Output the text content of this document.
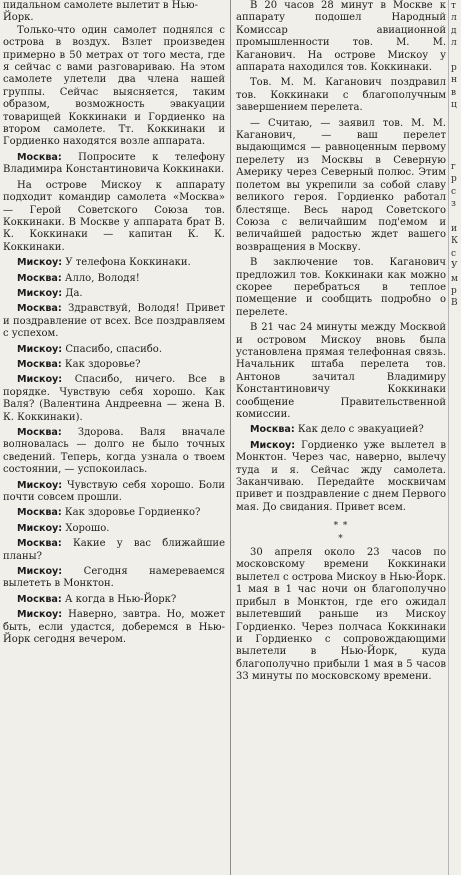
пидальном самолете вылетит в Нью-Йорк.

Только-что один самолет поднялся с острова в воздух. Взлет произведен примерно в 50 метрах от того места, где я сейчас с вами разговариваю. На этом самолете улетели два члена нашей группы. Сейчас выясняется, таким образом, возможность эвакуации товарищей Коккинаки и Гордиенко на втором самолете. Тт. Коккинаки и Гордиенко находятся возле аппарата.

Москва: Попросите к телефону Владимира Константиновича Коккинаки.

На острове Мискоу к аппарату подходит командир самолета «Москва» — Герой Советского Союза тов. Коккинаки. В Москве у аппарата брат В. К. Коккинаки — капитан К. К. Коккинаки.

Мискоу: У телефона Коккинаки.

Москва: Алло, Володя!

Мискоу: Да.

Москва: Здравствуй, Володя! Привет и поздравление от всех. Все поздравляем с успехом.

Мискоу: Спасибо, спасибо.

Москва: Как здоровье?

Мискоу: Спасибо, ничего. Все в порядке. Чувствую себя хорошо. Как Валя? (Валентина Андреевна — жена В. К. Коккинаки).

Москва: Здорова. Валя вначале волновалась — долго не было точных сведений. Теперь, когда узнала о твоем состоянии, — успокоилась.

Мискоу: Чувствую себя хорошо. Боли почти совсем прошли.

Москва: Как здоровье Гордиенко?

Мискоу: Хорошо.

Москва: Какие у вас ближайшие планы?

Мискоу: Сегодня намереваемся вылететь в Монктон.

Москва: А когда в Нью-Йорк?

Мискоу: Наверно, завтра. Но, может быть, если удастся, доберемся в Нью-Йорк сегодня вечером.

В 20 часов 28 минут в Москве к аппарату подошел Народный Комиссар авиационной промышленности тов. М. М. Каганович. На острове Мискоу у аппарата находился тов. Коккинаки.

Тов. М. М. Каганович поздравил тов. Коккинаки с благополучным завершением перелета.

— Считаю, — заявил тов. М. М. Каганович, — ваш перелет выдающимся — равноценным первому перелету из Москвы в Северную Америку через Северный полюс. Этим полетом вы укрепили за собой славу великого героя. Гордиенко работал блестяще. Весь народ Советского Союза с величайшим под'емом и величайшей радостью ждет вашего возвращения в Москву.

В заключение тов. Каганович предложил тов. Коккинаки как можно скорее перебраться в теплое помещение и сообщить подробно о перелете.

В 21 час 24 минуты между Москвой и островом Мискоу вновь была установлена прямая телефонная связь. Начальник штаба перелета тов. Антонов зачитал Владимиру Константиновичу Коккинаки сообщение Правительственной комиссии.

Москва: Как дело с эвакуацией?

Мискоу: Гордиенко уже вылетел в Монктон. Через час, наверно, вылечу туда и я. Сейчас жду самолета. Заканчиваю. Передайте москвичам привет и поздравление с днем Первого мая. До свидания. Привет всем.

* *
*

30 апреля около 23 часов по московскому времени Коккинаки вылетел с острова Мискоу в Нью-Йорк. 1 мая в 1 час ночи он благополучно прибыл в Монктон, где его ожидал вылетевший раньше из Мискоу Гордиенко. Через полчаса Коккинаки и Гордиенко с сопровождающими вылетели в Нью-Йорк, куда благополучно прибыли 1 мая в 5 часов 33 минуты по московскому времени.

т
л
д
л
р
н
в
ц
г
р
с
з
и
К
с
У
м
р
В
